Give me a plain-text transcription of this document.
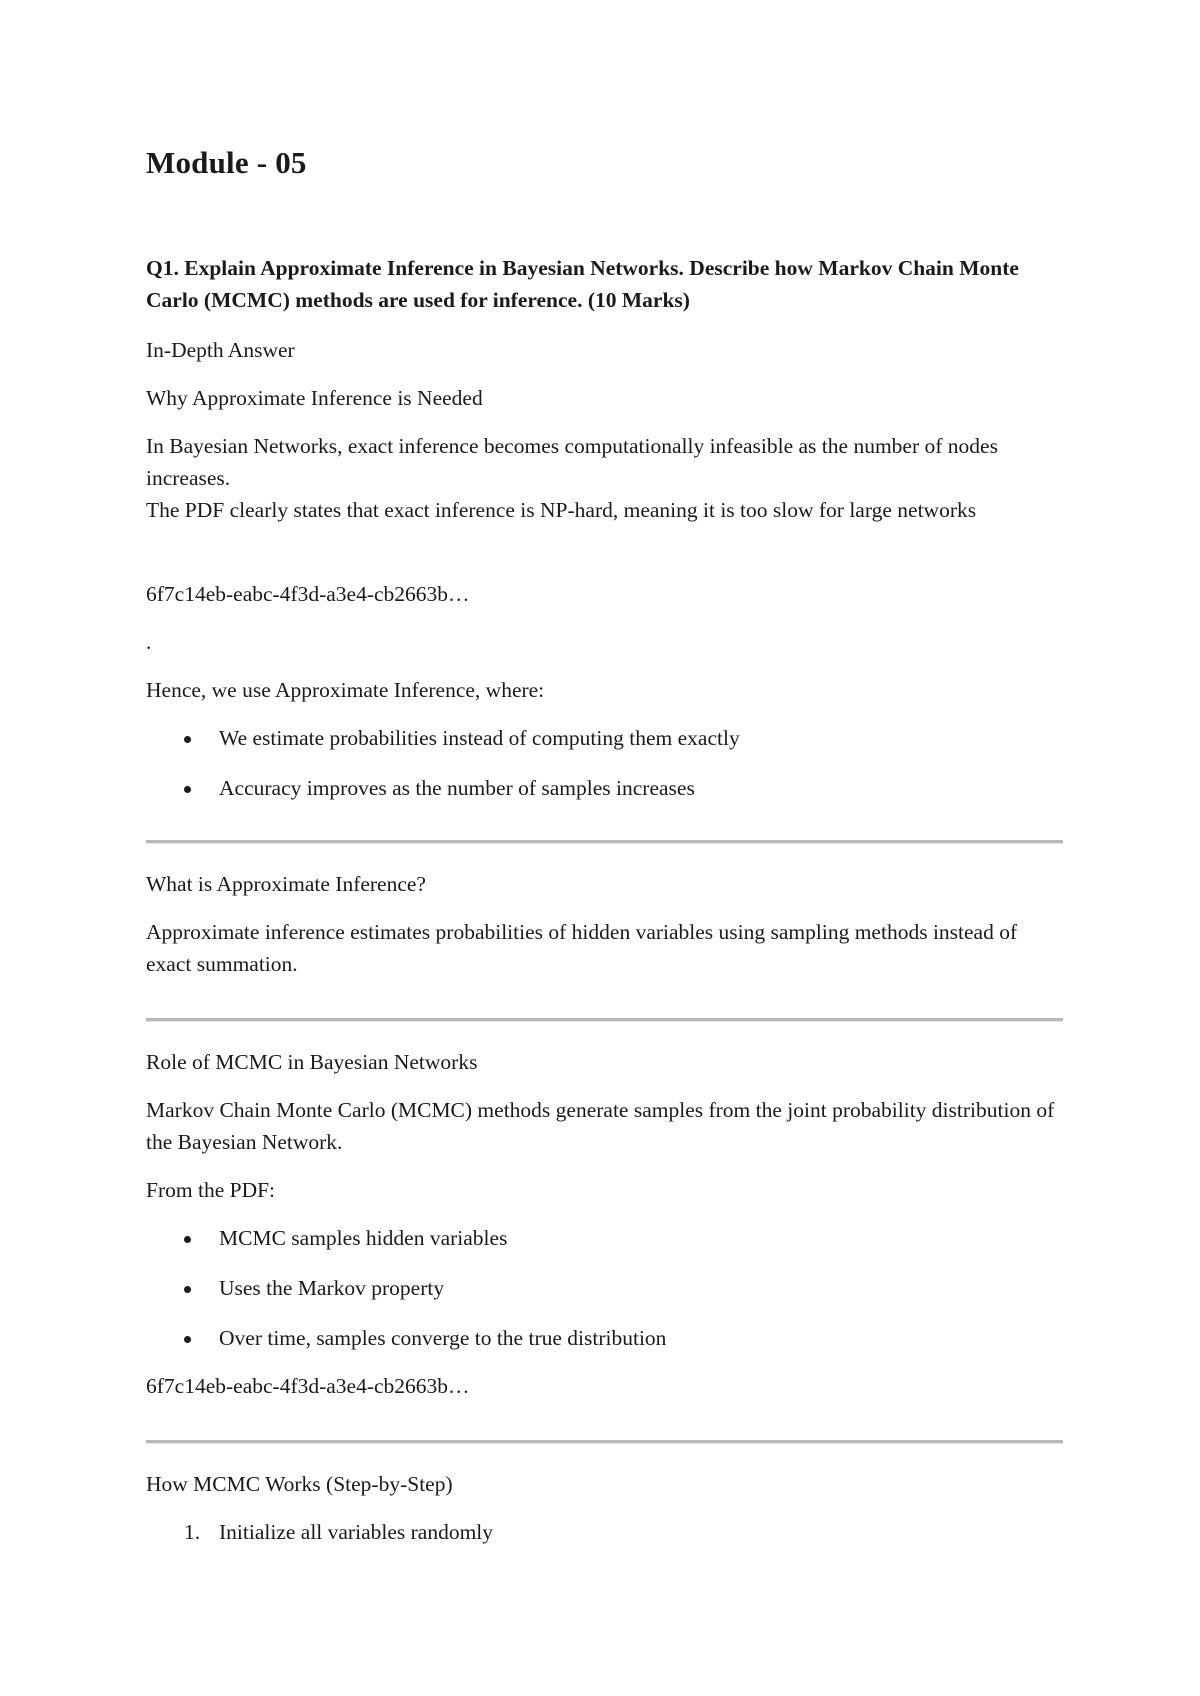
Module - 05

Q1. Explain Approximate Inference in Bayesian Networks. Describe how Markov Chain Monte Carlo (MCMC) methods are used for inference. (10 Marks)

In-Depth Answer

Why Approximate Inference is Needed

In Bayesian Networks, exact inference becomes computationally infeasible as the number of nodes increases.

The PDF clearly states that exact inference is NP-hard, meaning it is too slow for large networks

6f7c14eb-eabc-4f3d-a3e4-cb2663b…

.

Hence, we use Approximate Inference, where:

We estimate probabilities instead of computing them exactly
Accuracy improves as the number of samples increases

What is Approximate Inference?

Approximate inference estimates probabilities of hidden variables using sampling methods instead of exact summation.

Role of MCMC in Bayesian Networks

Markov Chain Monte Carlo (MCMC) methods generate samples from the joint probability distribution of the Bayesian Network.

From the PDF:

MCMC samples hidden variables
Uses the Markov property
Over time, samples converge to the true distribution

6f7c14eb-eabc-4f3d-a3e4-cb2663b…

How MCMC Works (Step-by-Step)

1. Initialize all variables randomly
